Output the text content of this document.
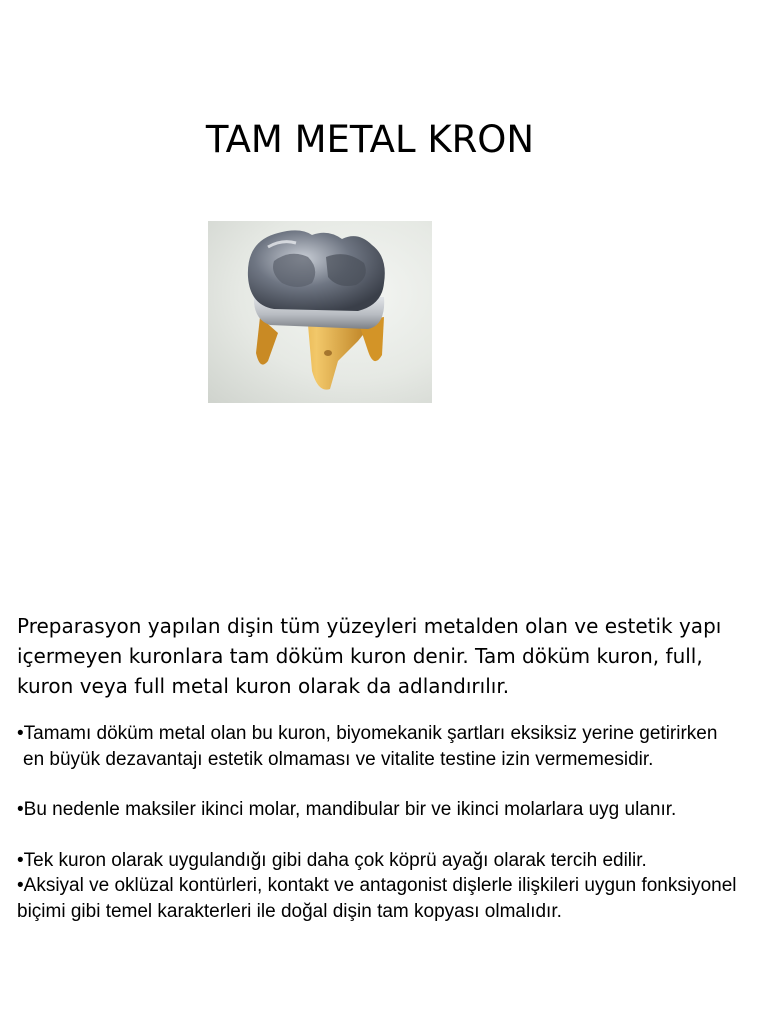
TAM METAL KRON
Preparasyon yapılan dişin tüm yüzeyleri metalden olan ve estetik yapı içermeyen kuronlara tam döküm kuron denir. Tam döküm kuron, full, kuron veya full metal kuron olarak da adlandırılır.

•Tamamı döküm metal olan bu kuron, biyomekanik şartları eksiksiz yerine getirirken en büyük dezavantajı estetik olmaması ve vitalite testine izin vermemesidir.

•Bu nedenle maksiler ikinci molar, mandibular bir ve ikinci molarlara uyg ulanır.

•Tek kuron olarak uygulandığı gibi daha çok köprü ayağı olarak tercih edilir.

•Aksiyal ve oklüzal kontürleri, kontakt ve antagonist dişlerle ilişkileri uygun fonksiyonel biçimi gibi temel karakterleri ile doğal dişin tam kopyası olmalıdır.
